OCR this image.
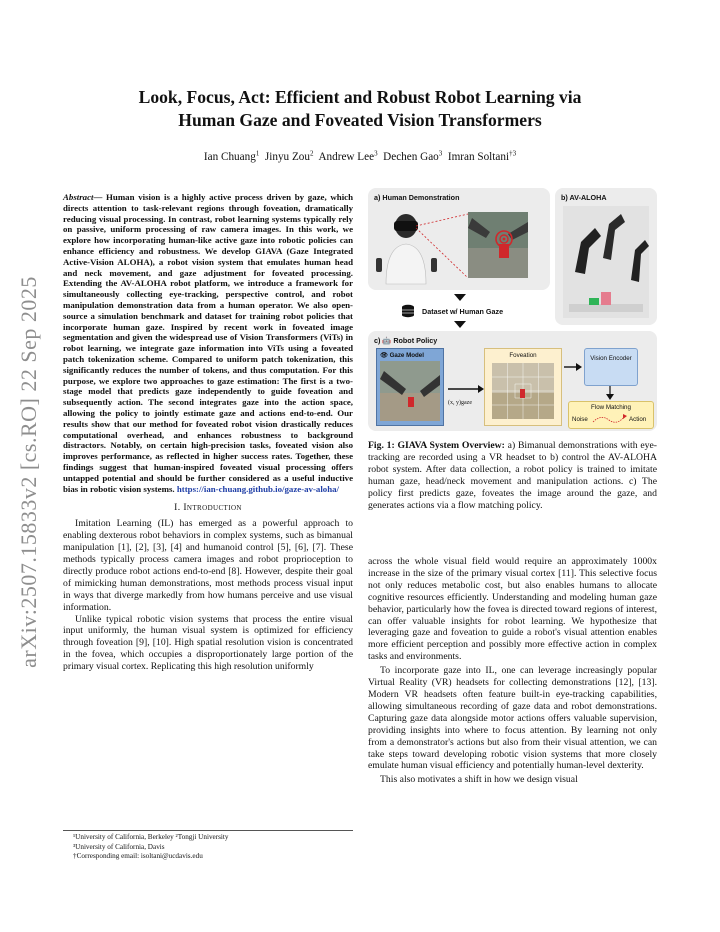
arXiv:2507.15833v2 [cs.RO] 22 Sep 2025
Look, Focus, Act: Efficient and Robust Robot Learning via
Human Gaze and Foveated Vision Transformers
Ian Chuang$^1$ Jinyu Zou$^2$ Andrew Lee$^3$ Dechen Gao$^3$ Imran Soltani$^{\dagger 3}$

Abstract— Human vision is a highly active process driven by gaze, which directs attention to task-relevant regions through foveation, dramatically reducing visual processing. In contrast, robot learning systems typically rely on passive, uniform processing of raw camera images. In this work, we explore how incorporating human-like active gaze into robotic policies can enhance efficiency and robustness. We develop GIAVA (Gaze Integrated Active-Vision ALOHA), a robot vision system that emulates human head and neck movement, and gaze adjustment for foveated processing. Extending the AV-ALOHA robot platform, we introduce a framework for simultaneously collecting eye-tracking, perspective control, and robot manipulation demonstration data from a human operator. We also open-source a simulation benchmark and dataset for training robot policies that incorporate human gaze. Inspired by recent work in foveated image segmentation and given the widespread use of Vision Transformers (ViTs) in robot learning, we integrate gaze information into ViTs using a foveated patch tokenization scheme. Compared to uniform patch tokenization, this significantly reduces the number of tokens, and thus computation. For this purpose, we explore two approaches to gaze estimation: The first is a two-stage model that predicts gaze independently to guide foveation and subsequently action. The second integrates gaze into the action space, allowing the policy to jointly estimate gaze and actions end-to-end. Our results show that our method for foveated robot vision drastically reduces computational overhead, and enhances robustness to background distractors. Notably, on certain high-precision tasks, foveated vision also improves performance, as reflected in higher success rates. Together, these findings suggest that human-inspired foveated visual processing offers untapped potential and should be further considered as a useful inductive bias in robotic vision systems. https://ian-chuang.github.io/gaze-av-aloha/

I. Introduction

Imitation Learning (IL) has emerged as a powerful approach to enabling dexterous robot behaviors in complex systems, such as bimanual manipulation [1], [2], [3], [4] and humanoid control [5], [6], [7]. These methods typically process camera images and robot proprioception to directly produce robot actions end-to-end [8]. However, despite their goal of mimicking human demonstrations, most methods process visual input in ways that diverge markedly from how humans perceive and use visual information.

Unlike typical robotic vision systems that process the entire visual input uniformly, the human visual system is optimized for efficiency through foveation [9], [10]. High spatial resolution vision is concentrated in the fovea, which occupies a disproportionately large portion of the primary visual cortex. Replicating this high resolution uniformly

¹University of California, Berkeley ²Tongji University
³University of California, Davis
†Corresponding email: isoltani@ucdavis.edu
a) Human Demonstration	b) AV-ALOHA
Dataset w/ Human Gaze
c) 🤖 Robot Policy
👁 Gaze Model
(x, y)gaze
Foveation	Vision Encoder
Flow Matching
Noise	Action

Fig. 1: GIAVA System Overview: a) Bimanual demonstrations with eye-tracking are recorded using a VR headset to b) control the AV-ALOHA robot system. After data collection, a robot policy is trained to imitate human gaze, head/neck movement and manipulation actions. c) The policy first predicts gaze, foveates the image around the gaze, and generates actions via a flow matching policy.

across the whole visual field would require an approximately 1000x increase in the size of the primary visual cortex [11]. This selective focus not only reduces metabolic cost, but also enables humans to allocate cognitive resources efficiently. Understanding and modeling human gaze behavior, particularly how the fovea is directed toward regions of interest, can offer valuable insights for robot learning. We hypothesize that leveraging gaze and foveation to guide a robot's visual attention enables more efficient perception and possibly more effective action in complex tasks and environments.

To incorporate gaze into IL, one can leverage increasingly popular Virtual Reality (VR) headsets for collecting demonstrations [12], [13]. Modern VR headsets often feature built-in eye-tracking capabilities, allowing simultaneous recording of gaze data and robot demonstrations. Capturing gaze data alongside motor actions offers valuable supervision, providing insights into where to focus attention. By learning not only from a demonstrator's actions but also from their visual attention, we can take steps toward developing robotic vision systems that more closely emulate human visual efficiency and potentially human-level dexterity.

This also motivates a shift in how we design visual
